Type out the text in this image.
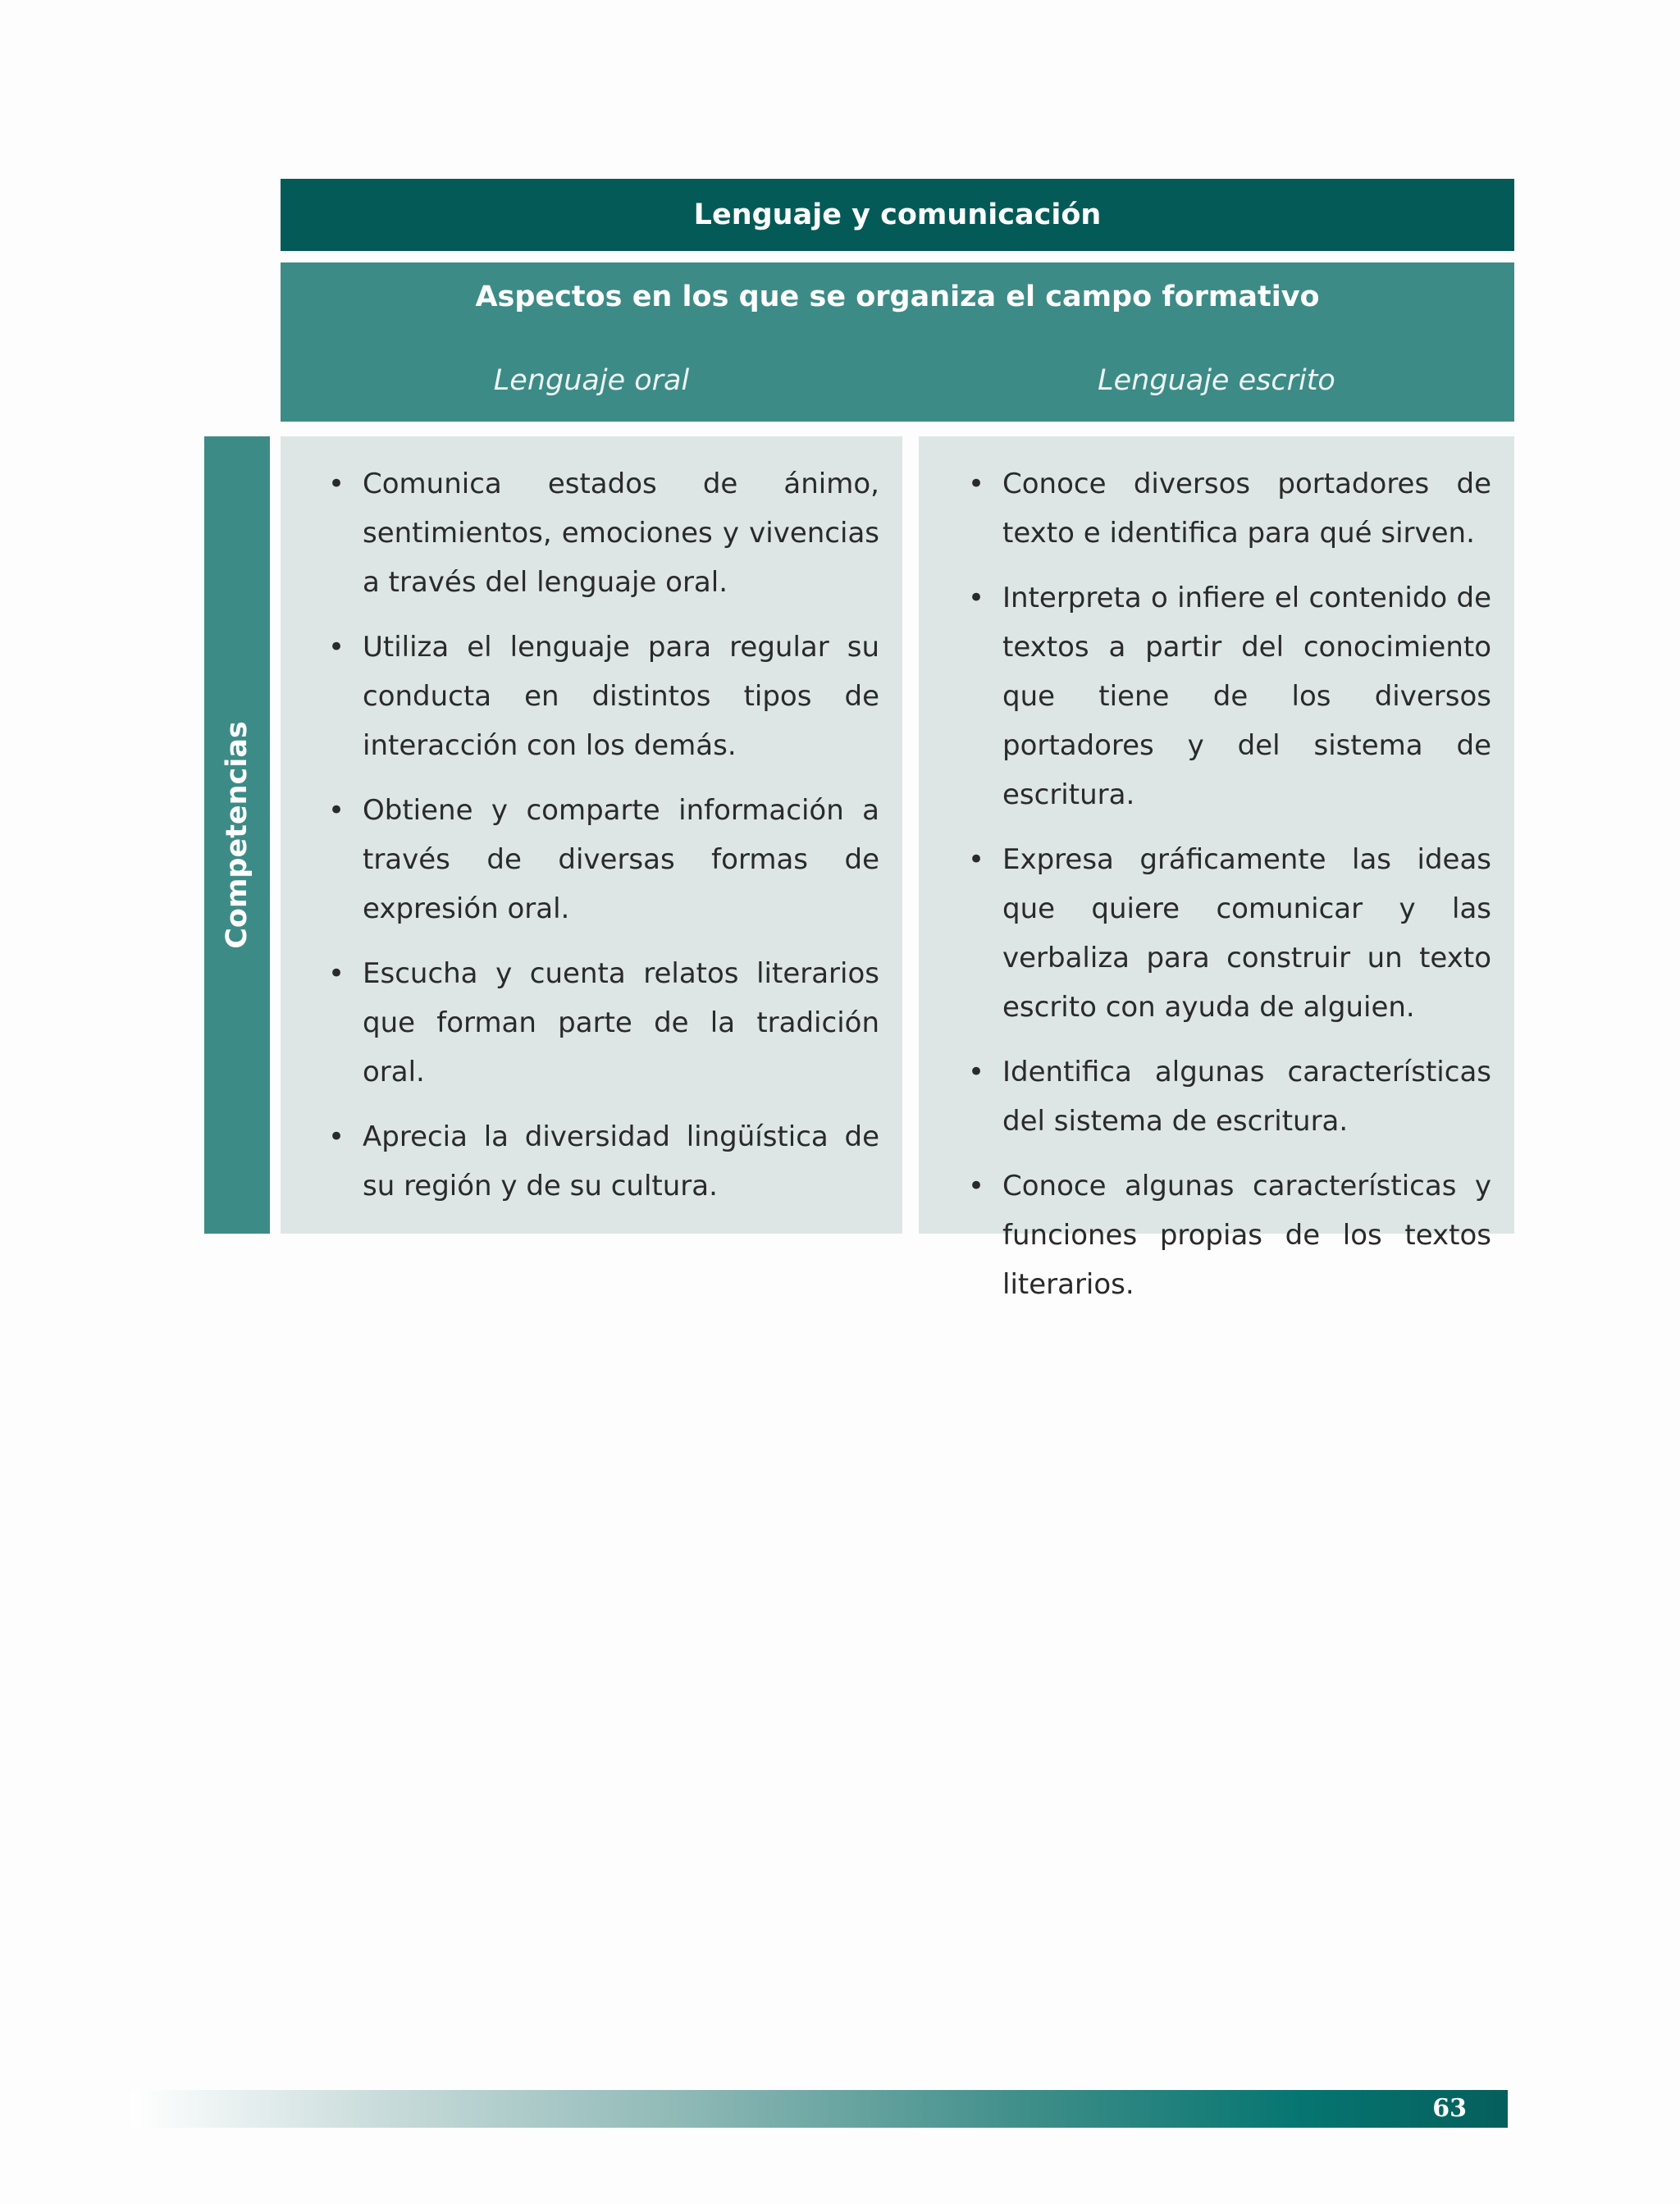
Lenguaje y comunicación
Aspectos en los que se organiza el campo formativo
Lenguaje oral	Lenguaje escrito
Competencias
• Comunica estados de ánimo, sentimientos, emociones y vivencias a través del lenguaje oral.
• Utiliza el lenguaje para regular su conducta en distintos tipos de interacción con los demás.
• Obtiene y comparte información a través de diversas formas de expresión oral.
• Escucha y cuenta relatos literarios que forman parte de la tradición oral.
• Aprecia la diversidad lingüística de su región y de su cultura.
• Conoce diversos portadores de texto e identifica para qué sirven.
• Interpreta o infiere el contenido de textos a partir del conocimiento que tiene de los diversos portadores y del sistema de escritura.
• Expresa gráficamente las ideas que quiere comunicar y las verbaliza para construir un texto escrito con ayuda de alguien.
• Identifica algunas características del sistema de escritura.
• Conoce algunas características y funciones propias de los textos literarios.
63
